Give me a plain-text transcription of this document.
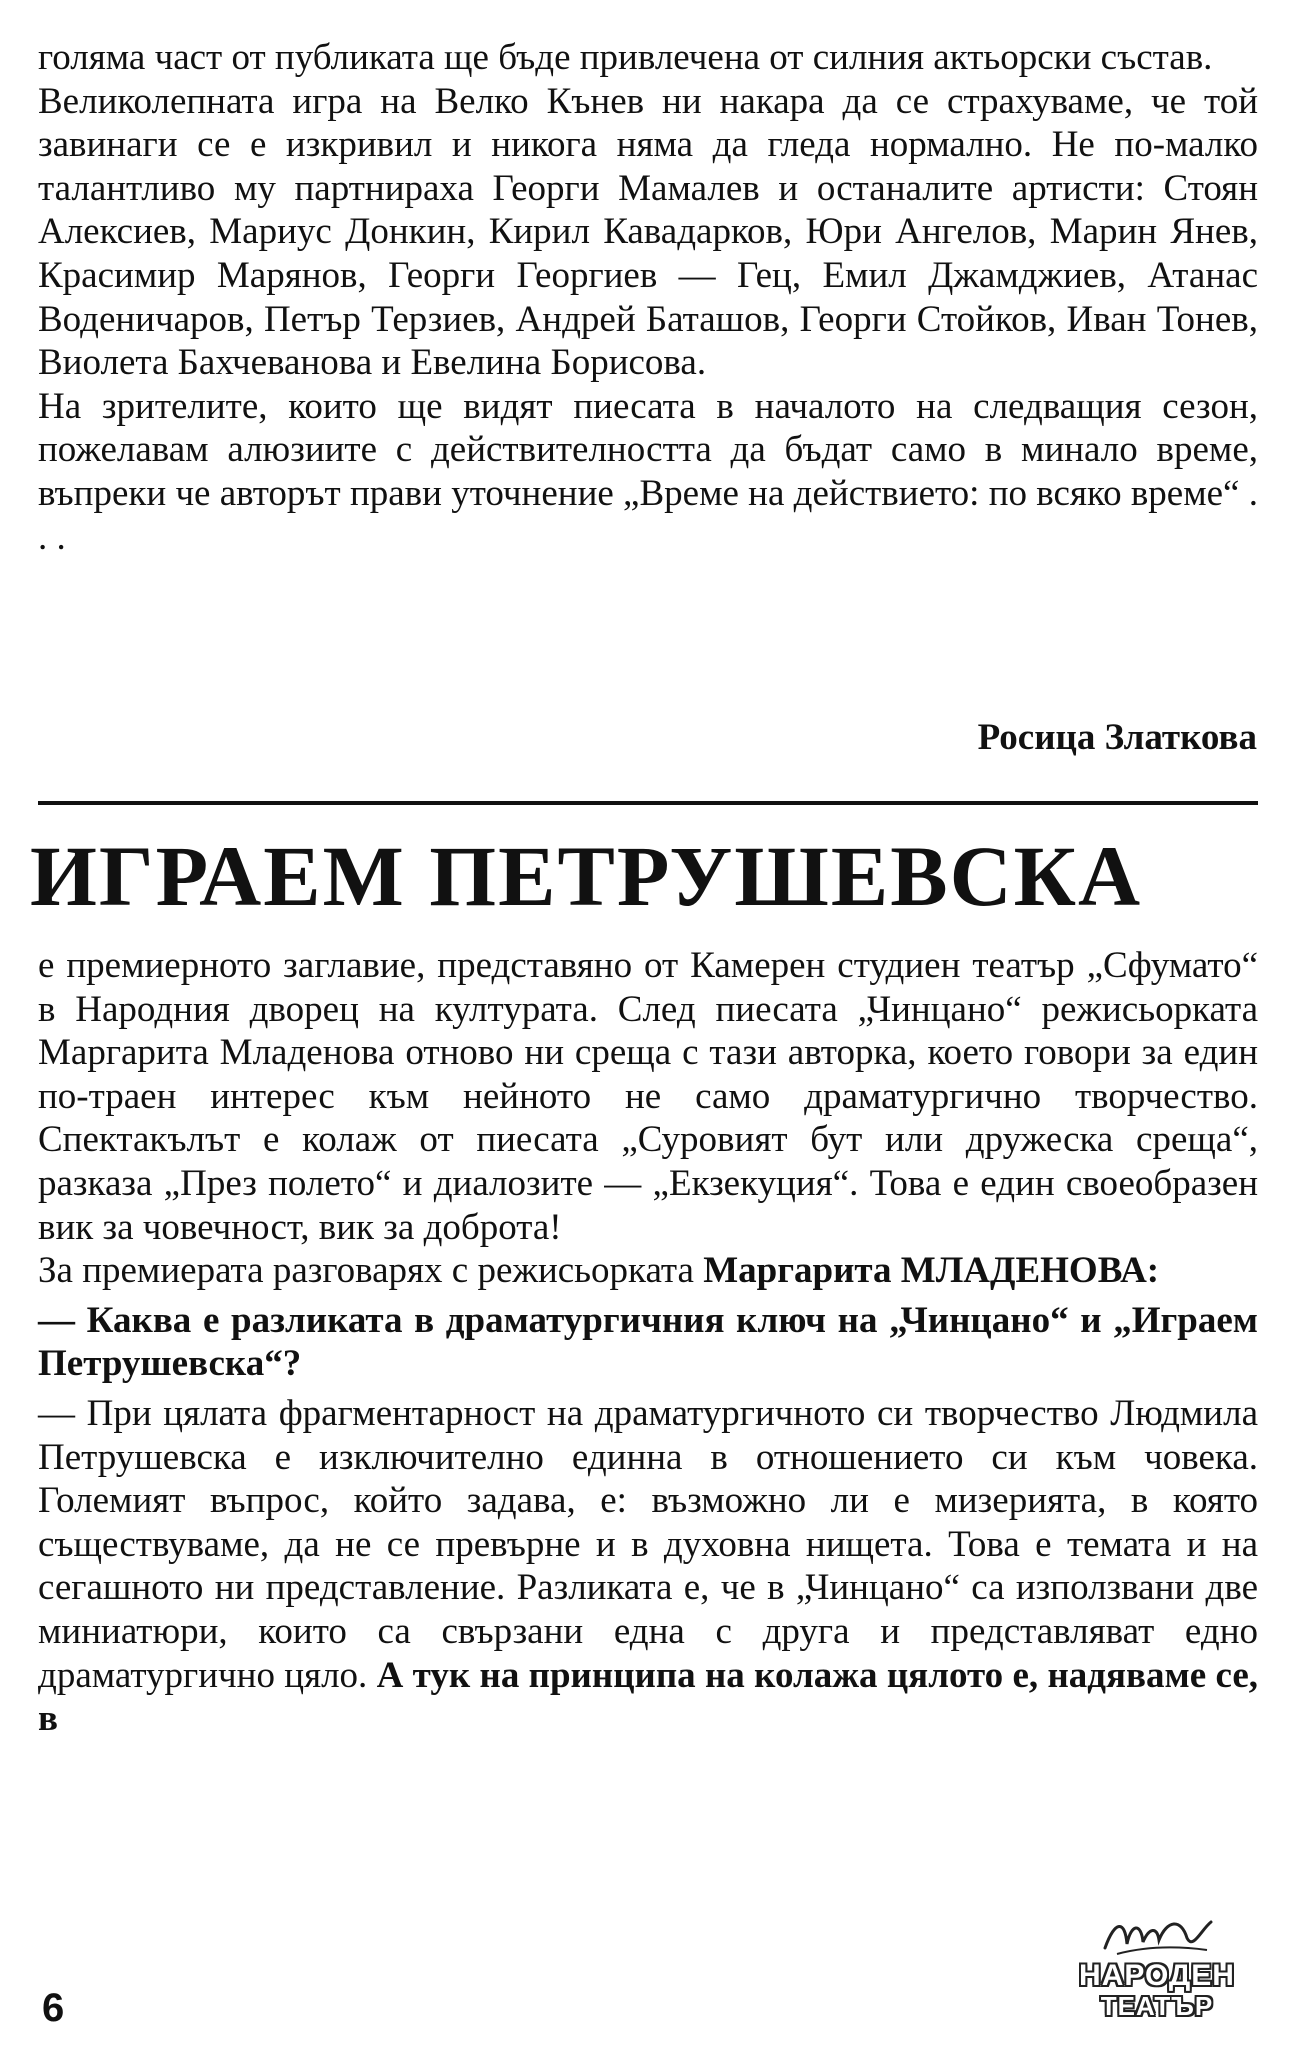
голяма част от публиката ще бъде привлечена от силния актьорски състав.

Великолепната игра на Велко Кънев ни накара да се страхуваме, че той завинаги се е изкривил и никога няма да гледа нормално. Не по-малко талантливо му партнираха Георги Мамалев и останалите артисти: Стоян Алексиев, Мариус Донкин, Кирил Кавадарков, Юри Ангелов, Марин Янев, Красимир Марянов, Георги Георгиев — Гец, Емил Джамджиев, Атанас Воденичаров, Петър Терзиев, Андрей Баташов, Георги Стойков, Иван Тонев, Виолета Бахчеванова и Евелина Борисова.

На зрителите, които ще видят пиесата в началото на следващия сезон, пожелавам алюзиите с действителността да бъдат само в минало време, въпреки че авторът прави уточнение „Време на действието: по всяко време“ . . .

Росица Златкова
ИГРАЕМ ПЕТРУШЕВСКА

е премиерното заглавие, представяно от Камерен студиен театър „Сфумато“ в Народния дворец на културата. След пиесата „Чинцано“ режисьорката Маргарита Младенова отново ни среща с тази авторка, което говори за един по-траен интерес към нейното не само драматургично творчество. Спектакълът е колаж от пиесата „Суровият бут или дружеска среща“, разказа „През полето“ и диалозите — „Екзекуция“. Това е един своеобразен вик за човечност, вик за доброта!

За премиерата разговарях с режисьорката Маргарита МЛАДЕНОВА:

— Каква е разликата в драматургичния ключ на „Чинцано“ и „Играем Петрушевска“?

— При цялата фрагментарност на драматургичното си творчество Людмила Петрушевска е изключително единна в отношението си към човека. Големият въпрос, който задава, е: възможно ли е мизерията, в която съществуваме, да не се превърне и в духовна нищета. Това е темата и на сегашното ни представление. Разликата е, че в „Чинцано“ са използвани две миниатюри, които са свързани една с друга и представляват едно драматургично цяло. А тук на принципа на колажа цялото е, надяваме се, в

6
НАРОДЕН
ТЕАТЪР
